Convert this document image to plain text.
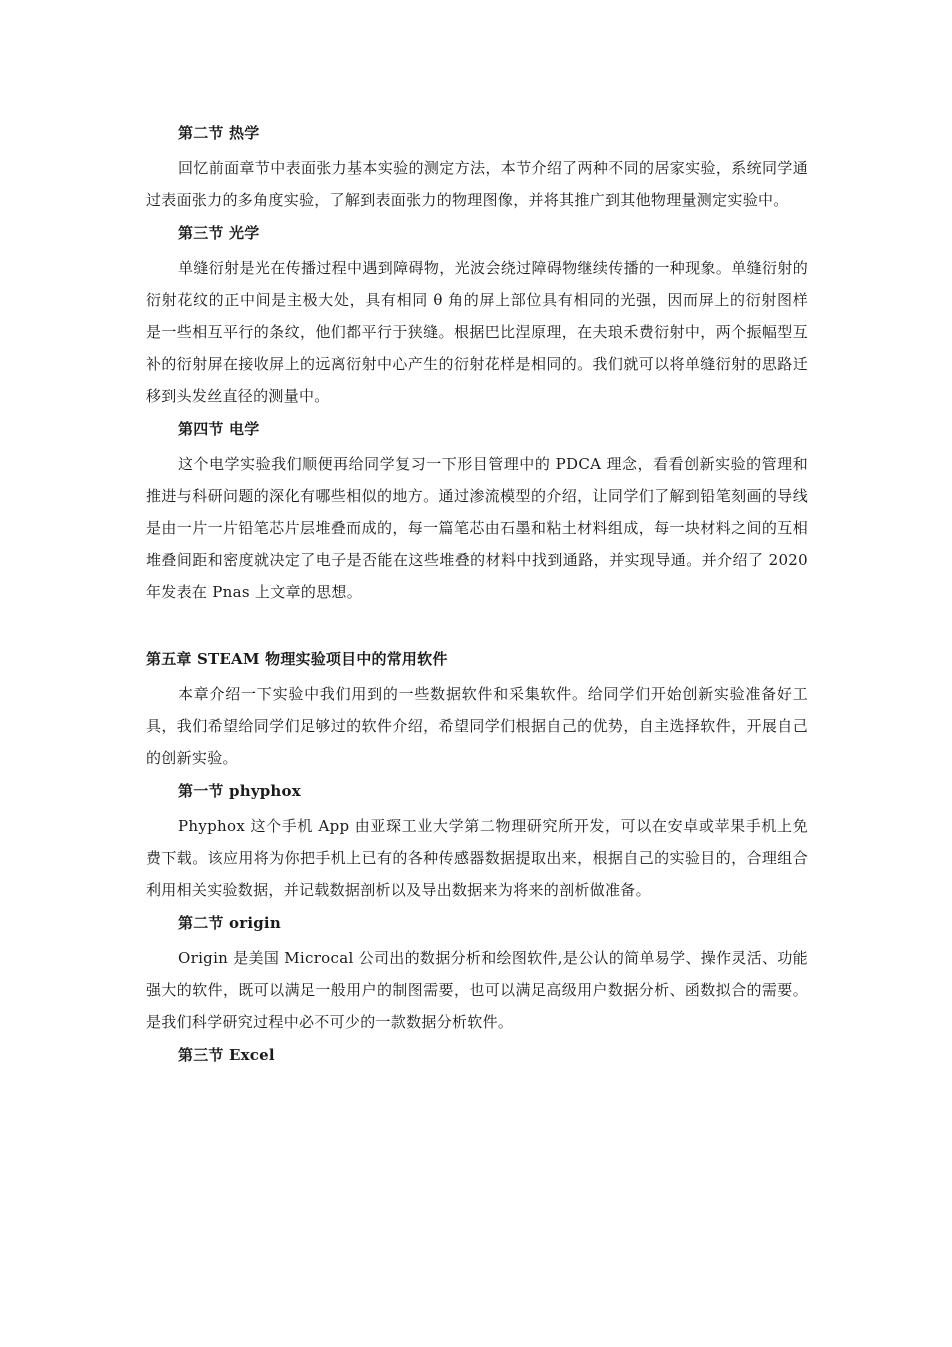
第二节 热学
回忆前面章节中表面张力基本实验的测定方法，本节介绍了两种不同的居家实验，系统同学通过表面张力的多角度实验，了解到表面张力的物理图像，并将其推广到其他物理量测定实验中。
第三节 光学
单缝衍射是光在传播过程中遇到障碍物，光波会绕过障碍物继续传播的一种现象。单缝衍射的衍射花纹的正中间是主极大处，具有相同 θ 角的屏上部位具有相同的光强，因而屏上的衍射图样是一些相互平行的条纹，他们都平行于狭缝。根据巴比涅原理，在夫琅禾费衍射中，两个振幅型互补的衍射屏在接收屏上的远离衍射中心产生的衍射花样是相同的。我们就可以将单缝衍射的思路迁移到头发丝直径的测量中。
第四节 电学
这个电学实验我们顺便再给同学复习一下形目管理中的 PDCA 理念，看看创新实验的管理和推进与科研问题的深化有哪些相似的地方。通过渗流模型的介绍，让同学们了解到铅笔刻画的导线是由一片一片铅笔芯片层堆叠而成的，每一篇笔芯由石墨和粘土材料组成，每一块材料之间的互相堆叠间距和密度就决定了电子是否能在这些堆叠的材料中找到通路，并实现导通。并介绍了 2020 年发表在 Pnas 上文章的思想。
第五章 STEAM 物理实验项目中的常用软件
本章介绍一下实验中我们用到的一些数据软件和采集软件。给同学们开始创新实验准备好工具，我们希望给同学们足够过的软件介绍，希望同学们根据自己的优势，自主选择软件，开展自己的创新实验。
第一节 phyphox
Phyphox 这个手机 App 由亚琛工业大学第二物理研究所开发，可以在安卓或苹果手机上免费下载。该应用将为你把手机上已有的各种传感器数据提取出来，根据自己的实验目的，合理组合利用相关实验数据，并记载数据剖析以及导出数据来为将来的剖析做准备。
第二节 origin
Origin 是美国 Microcal 公司出的数据分析和绘图软件,是公认的简单易学、操作灵活、功能强大的软件，既可以满足一般用户的制图需要，也可以满足高级用户数据分析、函数拟合的需要。是我们科学研究过程中必不可少的一款数据分析软件。
第三节 Excel
